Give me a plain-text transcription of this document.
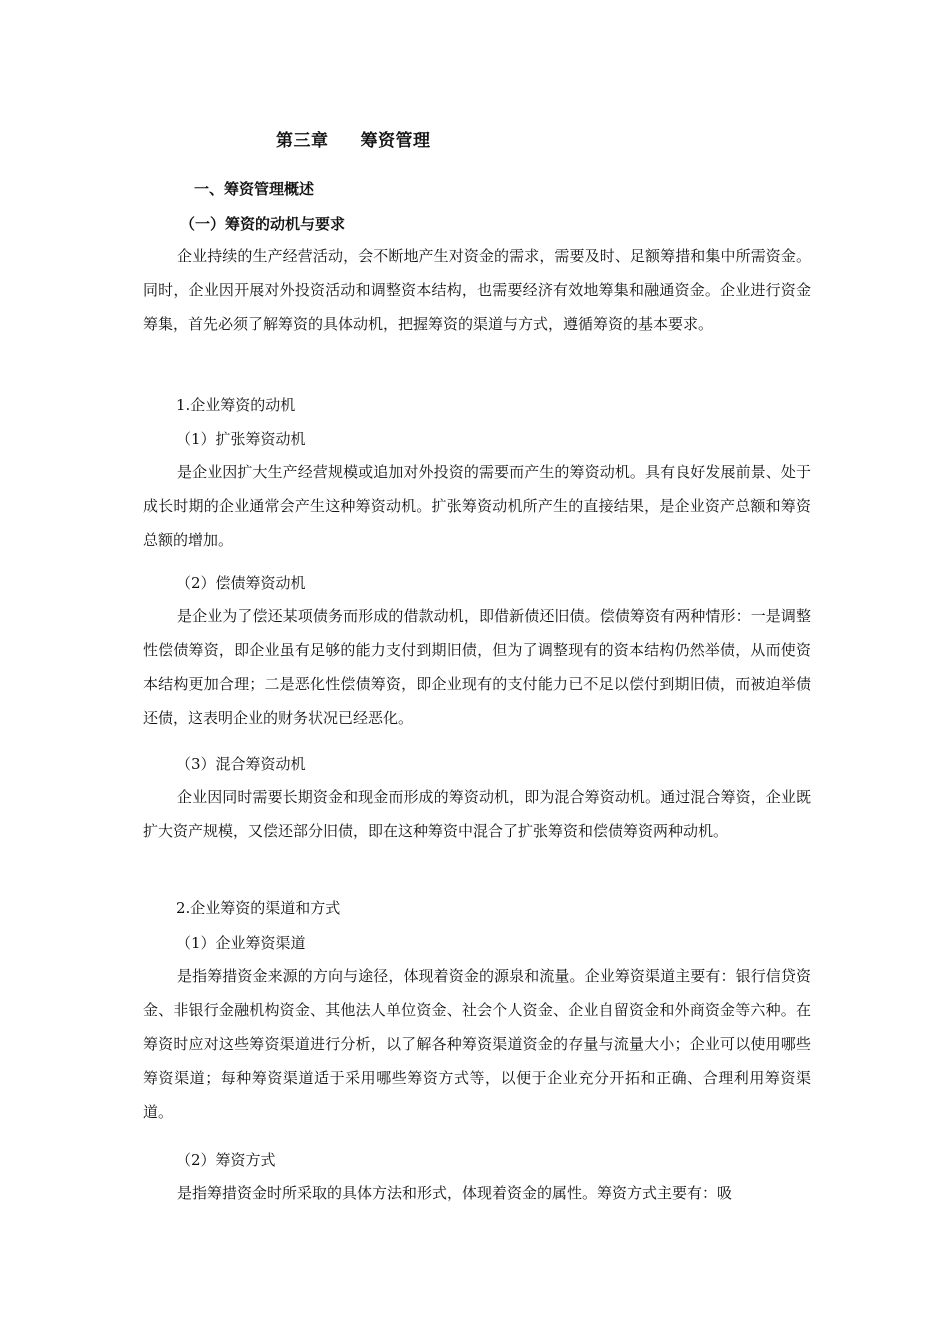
第三章 筹资管理
一、筹资管理概述
（一）筹资的动机与要求

企业持续的生产经营活动，会不断地产生对资金的需求，需要及时、足额筹措和集中所需资金。同时，企业因开展对外投资活动和调整资本结构，也需要经济有效地筹集和融通资金。企业进行资金筹集，首先必须了解筹资的具体动机，把握筹资的渠道与方式，遵循筹资的基本要求。

1.企业筹资的动机
（1）扩张筹资动机

是企业因扩大生产经营规模或追加对外投资的需要而产生的筹资动机。具有良好发展前景、处于成长时期的企业通常会产生这种筹资动机。扩张筹资动机所产生的直接结果，是企业资产总额和筹资总额的增加。

（2）偿债筹资动机

是企业为了偿还某项债务而形成的借款动机，即借新债还旧债。偿债筹资有两种情形：一是调整性偿债筹资，即企业虽有足够的能力支付到期旧债，但为了调整现有的资本结构仍然举债，从而使资本结构更加合理；二是恶化性偿债筹资，即企业现有的支付能力已不足以偿付到期旧债，而被迫举债还债，这表明企业的财务状况已经恶化。

（3）混合筹资动机

企业因同时需要长期资金和现金而形成的筹资动机，即为混合筹资动机。通过混合筹资，企业既扩大资产规模，又偿还部分旧债，即在这种筹资中混合了扩张筹资和偿债筹资两种动机。

2.企业筹资的渠道和方式
（1）企业筹资渠道

是指筹措资金来源的方向与途径，体现着资金的源泉和流量。企业筹资渠道主要有：银行信贷资金、非银行金融机构资金、其他法人单位资金、社会个人资金、企业自留资金和外商资金等六种。在筹资时应对这些筹资渠道进行分析，以了解各种筹资渠道资金的存量与流量大小；企业可以使用哪些筹资渠道；每种筹资渠道适于采用哪些筹资方式等，以便于企业充分开拓和正确、合理利用筹资渠道。

（2）筹资方式

是指筹措资金时所采取的具体方法和形式，体现着资金的属性。筹资方式主要有：吸
